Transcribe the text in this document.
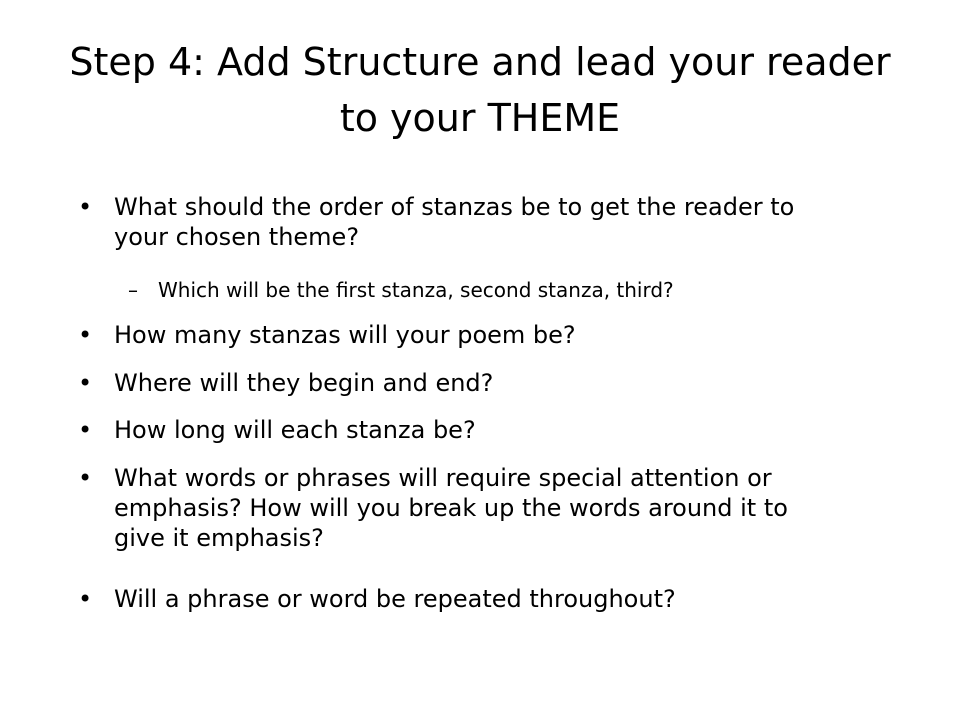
Step 4: Add Structure and lead your reader to your THEME
• What should the order of stanzas be to get the reader to your chosen theme?
– Which will be the first stanza, second stanza, third?
• How many stanzas will your poem be?
• Where will they begin and end?
• How long will each stanza be?
• What words or phrases will require special attention or emphasis? How will you break up the words around it to give it emphasis?
• Will a phrase or word be repeated throughout?
